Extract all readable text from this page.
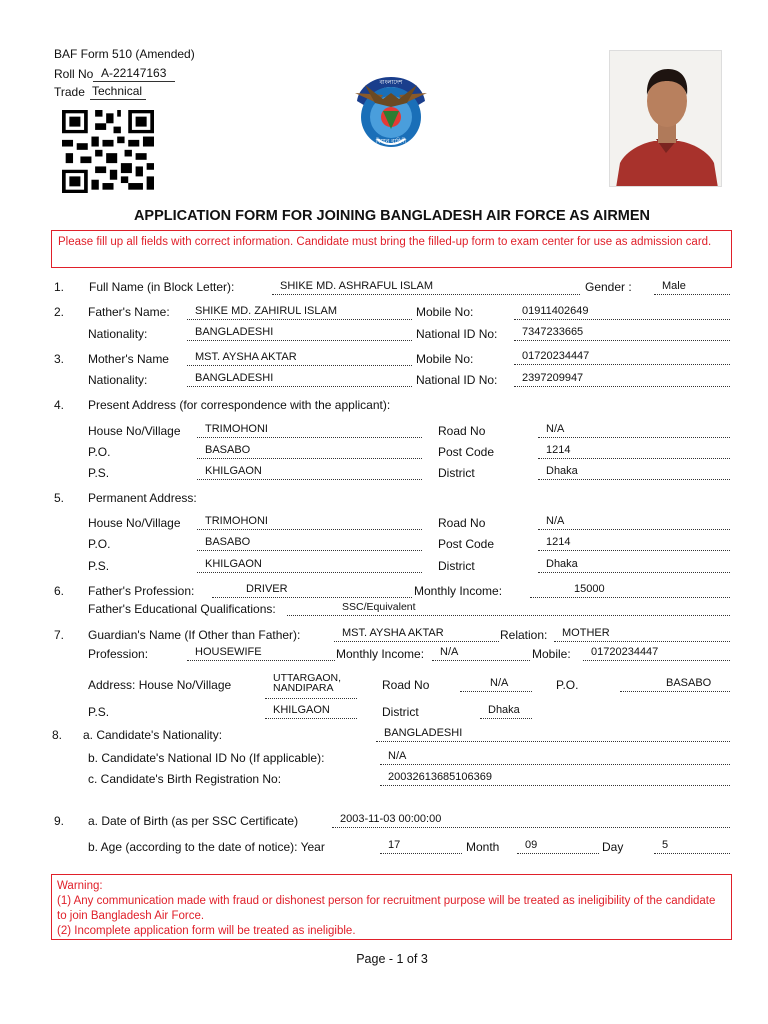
BAF Form 510 (Amended)
Roll No A-22147163
Trade Technical
বাংলাদেশ
বিমান বাহিনী
APPLICATION FORM FOR JOINING BANGLADESH AIR FORCE AS AIRMEN
Please fill up all fields with correct information. Candidate must bring the filled-up form to exam center for use as admission card.
1. Full Name (in Block Letter):	SHIKE MD. ASHRAFUL ISLAM	Gender :	Male
2. Father's Name:	SHIKE MD. ZAHIRUL ISLAM	Mobile No:	01911402649
Nationality:	BANGLADESHI	National ID No:	7347233665
3. Mother's Name	MST. AYSHA AKTAR	Mobile No:	01720234447
Nationality:	BANGLADESHI	National ID No:	2397209947
4. Present Address (for correspondence with the applicant):
House No/Village	TRIMOHONI	Road No	N/A
P.O.	BASABO	Post Code	1214
P.S.	KHILGAON	District	Dhaka
5. Permanent Address:
House No/Village	TRIMOHONI	Road No	N/A
P.O.	BASABO	Post Code	1214
P.S.	KHILGAON	District	Dhaka
6. Father's Profession:	DRIVER	Monthly Income:	15000
Father's Educational Qualifications:	SSC/Equivalent
7. Guardian's Name (If Other than Father):	MST. AYSHA AKTAR	Relation:	MOTHER
Profession:	HOUSEWIFE	Monthly Income:	N/A	Mobile:	01720234447
Address: House No/Village	UTTARGAON, NANDIPARA	Road No	N/A	P.O.	BASABO
P.S.	KHILGAON	District	Dhaka
8. a. Candidate's Nationality:	BANGLADESHI
b. Candidate's National ID No (If applicable):	N/A
c. Candidate's Birth Registration No:	20032613685106369
9. a. Date of Birth (as per SSC Certificate)	2003-11-03 00:00:00
b. Age (according to the date of notice): Year	17	Month	09	Day	5
Warning:
(1) Any communication made with fraud or dishonest person for recruitment purpose will be treated as ineligibility of the candidate to join Bangladesh Air Force.
(2) Incomplete application form will be treated as ineligible.
Page - 1 of 3
